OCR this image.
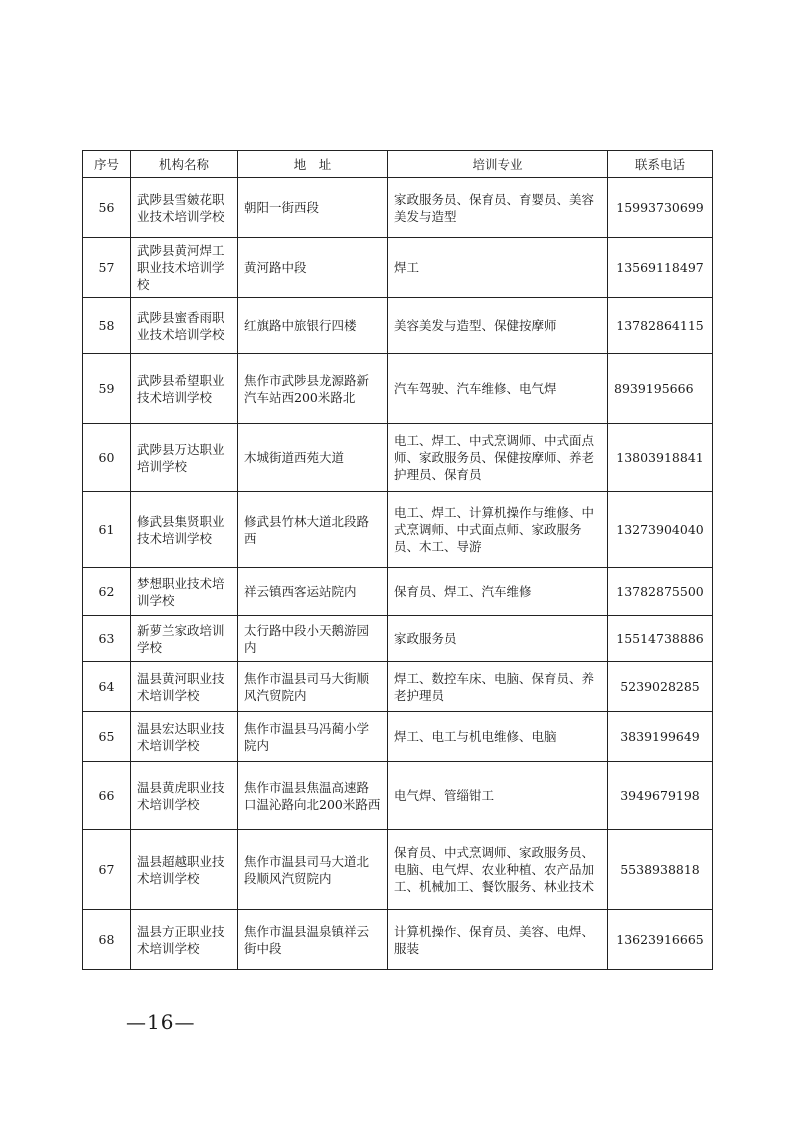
序号	机构名称	地　址	培训专业	联系电话
56	武陟县雪皴花职业技术培训学校	朝阳一街西段	家政服务员、保育员、育婴员、美容美发与造型	15993730699
57	武陟县黄河焊工职业技术培训学校	黄河路中段	焊工	13569118497
58	武陟县蜜香雨职业技术培训学校	红旗路中旅银行四楼	美容美发与造型、保健按摩师	13782864115
59	武陟县希望职业技术培训学校	焦作市武陟县龙源路新汽车站西200米路北	汽车驾驶、汽车维修、电气焊	8939195666
60	武陟县万达职业培训学校	木城街道西苑大道	电工、焊工、中式烹调师、中式面点师、家政服务员、保健按摩师、养老护理员、保育员	13803918841
61	修武县集贤职业技术培训学校	修武县竹林大道北段路西	电工、焊工、计算机操作与维修、中式烹调师、中式面点师、家政服务员、木工、导游	13273904040
62	梦想职业技术培训学校	祥云镇西客运站院内	保育员、焊工、汽车维修	13782875500
63	新萝兰家政培训学校	太行路中段小天鹅游园内	家政服务员	15514738886
64	温县黄河职业技术培训学校	焦作市温县司马大街顺风汽贸院内	焊工、数控车床、电脑、保育员、养老护理员	5239028285
65	温县宏达职业技术培训学校	焦作市温县马冯蔺小学院内	焊工、电工与机电维修、电脑	3839199649
66	温县黄虎职业技术培训学校	焦作市温县焦温高速路口温沁路向北200米路西	电气焊、管缁钳工	3949679198
67	温县超越职业技术培训学校	焦作市温县司马大道北段顺风汽贸院内	保育员、中式烹调师、家政服务员、电脑、电气焊、农业种植、农产品加工、机械加工、餐饮服务、林业技术	5538938818
68	温县方正职业技术培训学校	焦作市温县温泉镇祥云街中段	计算机操作、保育员、美容、电焊、服装	13623916665
—16—
